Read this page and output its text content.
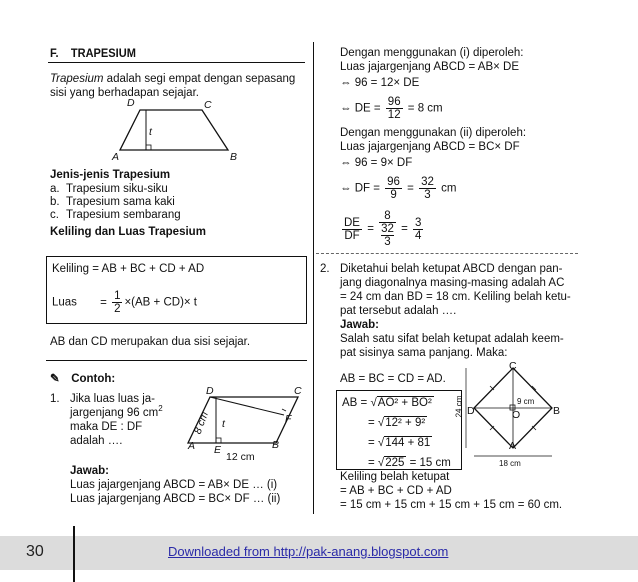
F. TRAPESIUM
Trapesium adalah segi empat dengan sepasang
sisi yang berhadapan sejajar.
D	C
A	B
t
Jenis-jenis Trapesium
a. Trapesium siku-siku
b. Trapesium sama kaki
c. Trapesium sembarang
Keliling dan Luas Trapesium
Keliling = AB + BC + CD + AD
Luas = $\frac{1}{2} \times(AB + CD)\times t$
AB dan CD merupakan dua sisi sejajar.
✎ Contoh:
1. Jika luas luas ja-
jargenjang 96 $cm^2$
maka DE : DF
adalah ….
D	C
A E	B
F
t
8 cm
12 cm
Jawab:
Luas jajargenjang ABCD = AB× DE … (i)
Luas jajargenjang ABCD = BC× DF … (ii)
Dengan menggunakan (i) diperoleh:
Luas jajargenjang ABCD = AB× DE
⇔ 96 = 12× DE
⇔ DE = $\frac{96}{12} = 8$ cm
Dengan menggunakan (ii) diperoleh:
Luas jajargenjang ABCD = BC× DF
⇔ 96 = 9× DF
⇔ DF = $\frac{96}{9} = \frac{32}{3}$ cm
$\frac{DE}{DF} = 8$
32
$3 = \frac{3}{4}$
2. Diketahui belah ketupat ABCD dengan pan-
jang diagonalnya masing-masing adalah AC
= 24 cm dan BD = 18 cm. Keliling belah ketu-
pat tersebut adalah ….
Jawab:
Salah satu sifat belah ketupat adalah keem-
pat sisinya sama panjang. Maka:
AB = BC = CD = AD.
AB = √AO² + BO²
= √12² + 9²
= √144 + 81
= √225 = 15 cm
C
A
D	B
O
9 cm
24 cm
18 cm
Keliling belah ketupat
= AB + BC + CD + AD
= 15 cm + 15 cm + 15 cm + 15 cm = 60 cm.
30	Downloaded from http://pak-anang.blogspot.com
